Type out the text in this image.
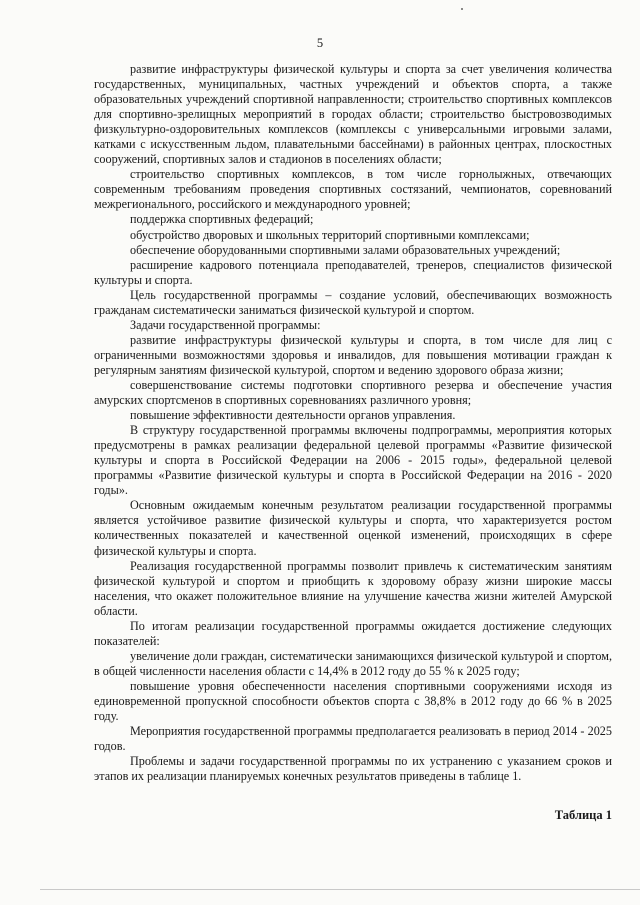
5

развитие инфраструктуры физической культуры и спорта за счет увеличения количества государственных, муниципальных, частных учреждений и объектов спорта, а также образовательных учреждений спортивной направленности; строительство спортивных комплексов для спортивно-зрелищных мероприятий в городах области; строительство быстровозводимых физкультурно-оздоровительных комплексов (комплексы с универсальными игровыми залами, катками с искусственным льдом, плавательными бассейнами) в районных центрах, плоскостных сооружений, спортивных залов и стадионов в поселениях области;

строительство спортивных комплексов, в том числе горнолыжных, отвечающих современным требованиям проведения спортивных состязаний, чемпионатов, соревнований межрегионального, российского и международного уровней;

поддержка спортивных федераций;

обустройство дворовых и школьных территорий спортивными комплексами;

обеспечение оборудованными спортивными залами образовательных учреждений;

расширение кадрового потенциала преподавателей, тренеров, специалистов физической культуры и спорта.

Цель государственной программы – создание условий, обеспечивающих возможность гражданам систематически заниматься физической культурой и спортом.

Задачи государственной программы:

развитие инфраструктуры физической культуры и спорта, в том числе для лиц с ограниченными возможностями здоровья и инвалидов, для повышения мотивации граждан к регулярным занятиям физической культурой, спортом и ведению здорового образа жизни;

совершенствование системы подготовки спортивного резерва и обеспечение участия амурских спортсменов в спортивных соревнованиях различного уровня;

повышение эффективности деятельности органов управления.

В структуру государственной программы включены подпрограммы, мероприятия которых предусмотрены в рамках реализации федеральной целевой программы «Развитие физической культуры и спорта в Российской Федерации на 2006 - 2015 годы», федеральной целевой программы «Развитие физической культуры и спорта в Российской Федерации на 2016 - 2020 годы».

Основным ожидаемым конечным результатом реализации государственной программы является устойчивое развитие физической культуры и спорта, что характеризуется ростом количественных показателей и качественной оценкой изменений, происходящих в сфере физической культуры и спорта.

Реализация государственной программы позволит привлечь к систематическим занятиям физической культурой и спортом и приобщить к здоровому образу жизни широкие массы населения, что окажет положительное влияние на улучшение качества жизни жителей Амурской области.

По итогам реализации государственной программы ожидается достижение следующих показателей:

увеличение доли граждан, систематически занимающихся физической культурой и спортом, в общей численности населения области с 14,4% в 2012 году до 55 % к 2025 году;

повышение уровня обеспеченности населения спортивными сооружениями исходя из единовременной пропускной способности объектов спорта с 38,8% в 2012 году до 66 % в 2025 году.

Мероприятия государственной программы предполагается реализовать в период 2014 - 2025 годов.

Проблемы и задачи государственной программы по их устранению с указанием сроков и этапов их реализации планируемых конечных результатов приведены в таблице 1.

Таблица 1
